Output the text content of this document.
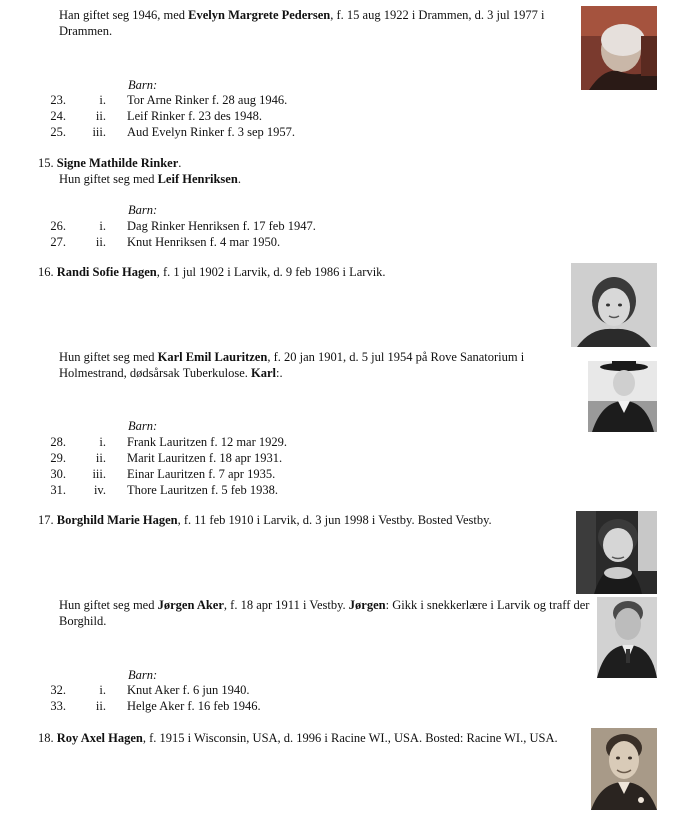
Han giftet seg 1946, med Evelyn Margrete Pedersen, f. 15 aug 1922 i Drammen, d. 3 jul 1977 i Drammen.
Barn:
23.	i. Tor Arne Rinker f. 28 aug 1946.
24.	ii. Leif Rinker f. 23 des 1948.
25.	iii. Aud Evelyn Rinker f. 3 sep 1957.
15. Signe Mathilde Rinker.
Hun giftet seg med Leif Henriksen.
Barn:
26.	i. Dag Rinker Henriksen f. 17 feb 1947.
27.	ii. Knut Henriksen f. 4 mar 1950.
16. Randi Sofie Hagen, f. 1 jul 1902 i Larvik, d. 9 feb 1986 i Larvik.
Hun giftet seg med Karl Emil Lauritzen, f. 20 jan 1901, d. 5 jul 1954 på Rove Sanatorium i Holmestrand, dødsårsak Tuberkulose. Karl:.
Barn:
28.	i. Frank Lauritzen f. 12 mar 1929.
29.	ii. Marit Lauritzen f. 18 apr 1931.
30.	iii. Einar Lauritzen f. 7 apr 1935.
31.	iv. Thore Lauritzen f. 5 feb 1938.
17. Borghild Marie Hagen, f. 11 feb 1910 i Larvik, d. 3 jun 1998 i Vestby. Bosted Vestby.
Hun giftet seg med Jørgen Aker, f. 18 apr 1911 i Vestby. Jørgen: Gikk i snekkerlære i Larvik og traff der Borghild.
Barn:
32.	i. Knut Aker f. 6 jun 1940.
33.	ii. Helge Aker f. 16 feb 1946.
18. Roy Axel Hagen, f. 1915 i Wisconsin, USA, d. 1996 i Racine WI., USA. Bosted: Racine WI., USA.
